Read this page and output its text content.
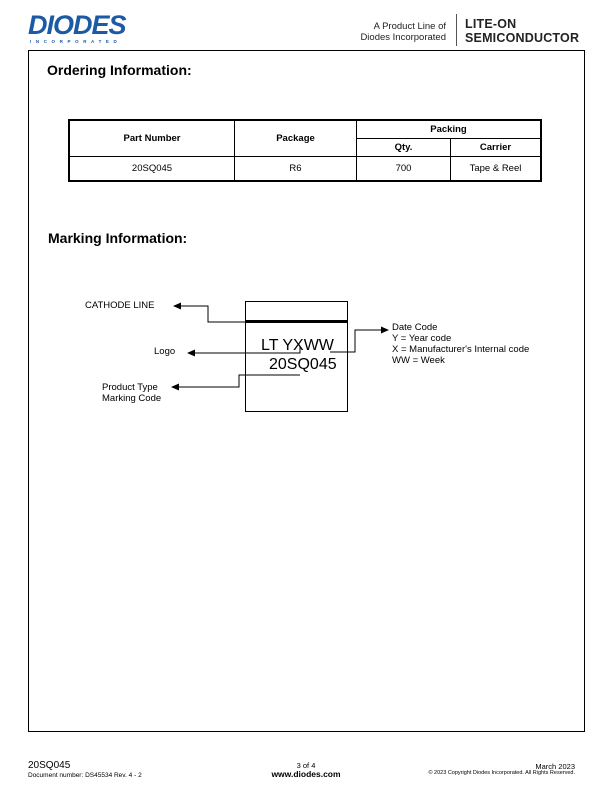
DIODES
INCORPORATED
A Product Line of
Diodes Incorporated
LITE-ON
SEMICONDUCTOR
Ordering Information:
Part Number	Package	Packing	
		Qty.	Carrier
20SQ045	R6	700	Tape & Reel
Marking Information:
LT YXWW
20SQ045
CATHODE LINE
Logo
Product Type
Marking Code
Date Code
Y = Year code
X = Manufacturer's Internal code
WW = Week
20SQ045
Document number: DS45534 Rev. 4 - 2
3 of 4
www.diodes.com
March 2023
© 2023 Copyright Diodes Incorporated. All Rights Reserved.
